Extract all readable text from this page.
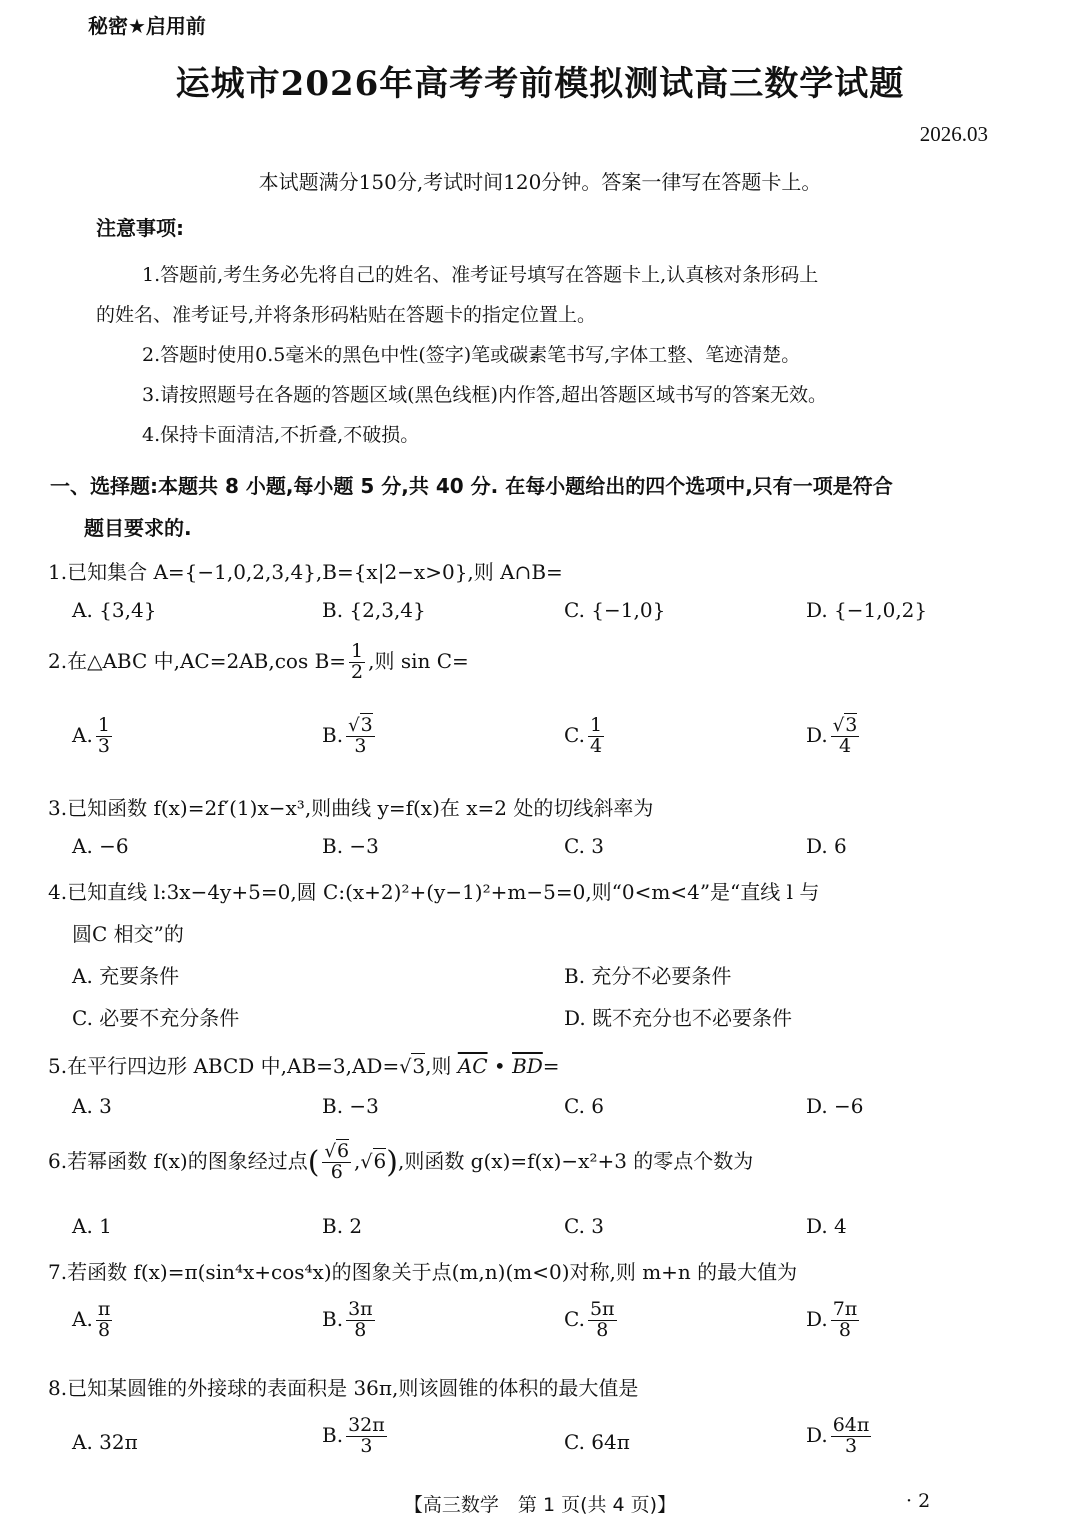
秘密★启用前
运城市2026年高考考前模拟测试高三数学试题
2026.03
本试题满分150分,考试时间120分钟。答案一律写在答题卡上。
注意事项:
1.答题前,考生务必先将自己的姓名、准考证号填写在答题卡上,认真核对条形码上
的姓名、准考证号,并将条形码粘贴在答题卡的指定位置上。
2.答题时使用0.5毫米的黑色中性(签字)笔或碳素笔书写,字体工整、笔迹清楚。
3.请按照题号在各题的答题区域(黑色线框)内作答,超出答题区域书写的答案无效。
4.保持卡面清洁,不折叠,不破损。
一、选择题:本题共 8 小题,每小题 5 分,共 40 分. 在每小题给出的四个选项中,只有一项是符合
题目要求的.
1.已知集合 A={−1,0,2,3,4},B={x|2−x>0},则 A∩B=
A. {3,4}	B. {2,3,4}	C. {−1,0}	D. {−1,0,2}
2.在△ABC 中,AC=2AB,cos $B= \frac{1}{2}$ ,则 sin C=
A. $\frac{1}{3}$	B. $\frac{√3}{3}$	C. $\frac{1}{4}$	D. $\frac{√3}{4}$
3.已知函数 f(x)=2f′(1)x−x³,则曲线 y=f(x)在 x=2 处的切线斜率为
A. −6	B. −3	C. 3	D. 6
4.已知直线 l:3x−4y+5=0,圆 C:(x+2)²+(y−1)²+m−5=0,则“0<m<4”是“直线 l 与
圆C 相交”的
A. 充要条件	B. 充分不必要条件
C. 必要不充分条件	D. 既不充分也不必要条件
5.在平行四边形 ABCD 中,AB=3,AD=√3,则 $\overline{AC}$ • $\overline{BD}=$
A. 3	B. −3	C. 6	D. −6
6.若幂函数 f(x)的图象经过点( $\frac{√6}{6} ,√6$),则函数 g(x)=f(x)−x²+3 的零点个数为
A. 1	B. 2	C. 3	D. 4
7.若函数 f(x)=π(sin⁴x+cos⁴x)的图象关于点(m,n)(m<0)对称,则 m+n 的最大值为
A. $\frac{\pi}{8}$	B. $\frac{3\pi}{8}$	C. $\frac{5\pi}{8}$	D. $\frac{7\pi}{8}$
8.已知某圆锥的外接球的表面积是 36π,则该圆锥的体积的最大值是
A. 32π	B. $\frac{32\pi}{3}$	C. 64π	D. $\frac{64\pi}{3}$
【高三数学　第 1 页(共 4 页)】	· 2
